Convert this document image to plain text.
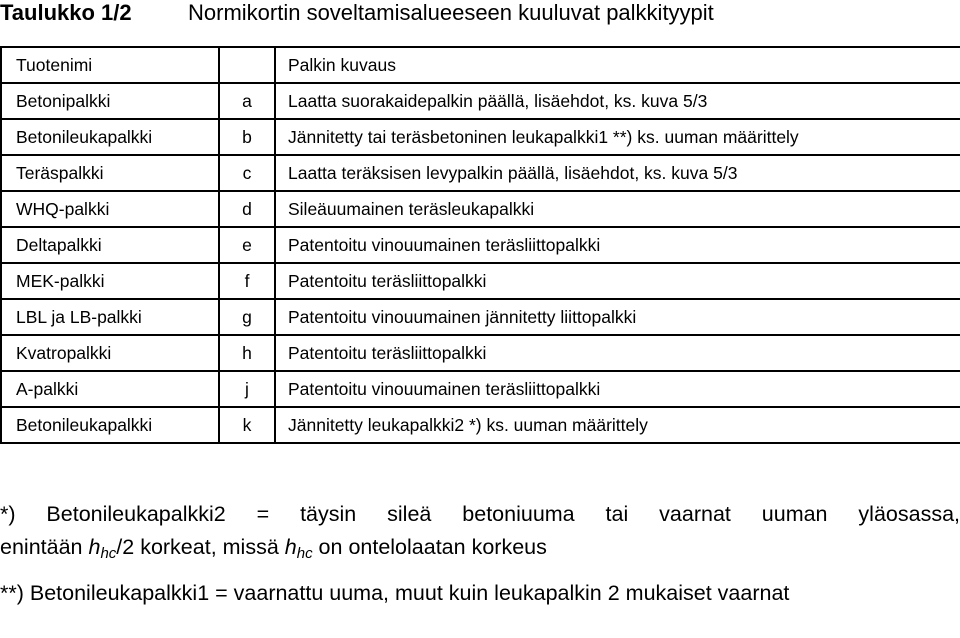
Taulukko 1/2	Normikortin soveltamisalueeseen kuuluvat palkkityypit
Tuotenimi		Palkin kuvaus
Betonipalkki	a	Laatta suorakaidepalkin päällä, lisäehdot, ks. kuva 5/3
Betonileukapalkki	b	Jännitetty tai teräsbetoninen leukapalkki1 **) ks. uuman määrittely
Teräspalkki	c	Laatta teräksisen levypalkin päällä, lisäehdot, ks. kuva 5/3
WHQ-palkki	d	Sileäuumainen teräsleukapalkki
Deltapalkki	e	Patentoitu vinouumainen teräsliittopalkki
MEK-palkki	f	Patentoitu teräsliittopalkki
LBL ja LB-palkki	g	Patentoitu vinouumainen jännitetty liittopalkki
Kvatropalkki	h	Patentoitu teräsliittopalkki
A-palkki	j	Patentoitu vinouumainen teräsliittopalkki
Betonileukapalkki	k	Jännitetty leukapalkki2 *) ks. uuman määrittely
*) Betonileukapalkki2 = täysin sileä betoniuuma tai vaarnat uuman yläosassa,
enintään $h_{hc}/2$ korkeat, missä $h_{hc}$ on ontelolaatan korkeus
**) Betonileukapalkki1 = vaarnattu uuma, muut kuin leukapalkin 2 mukaiset vaarnat
